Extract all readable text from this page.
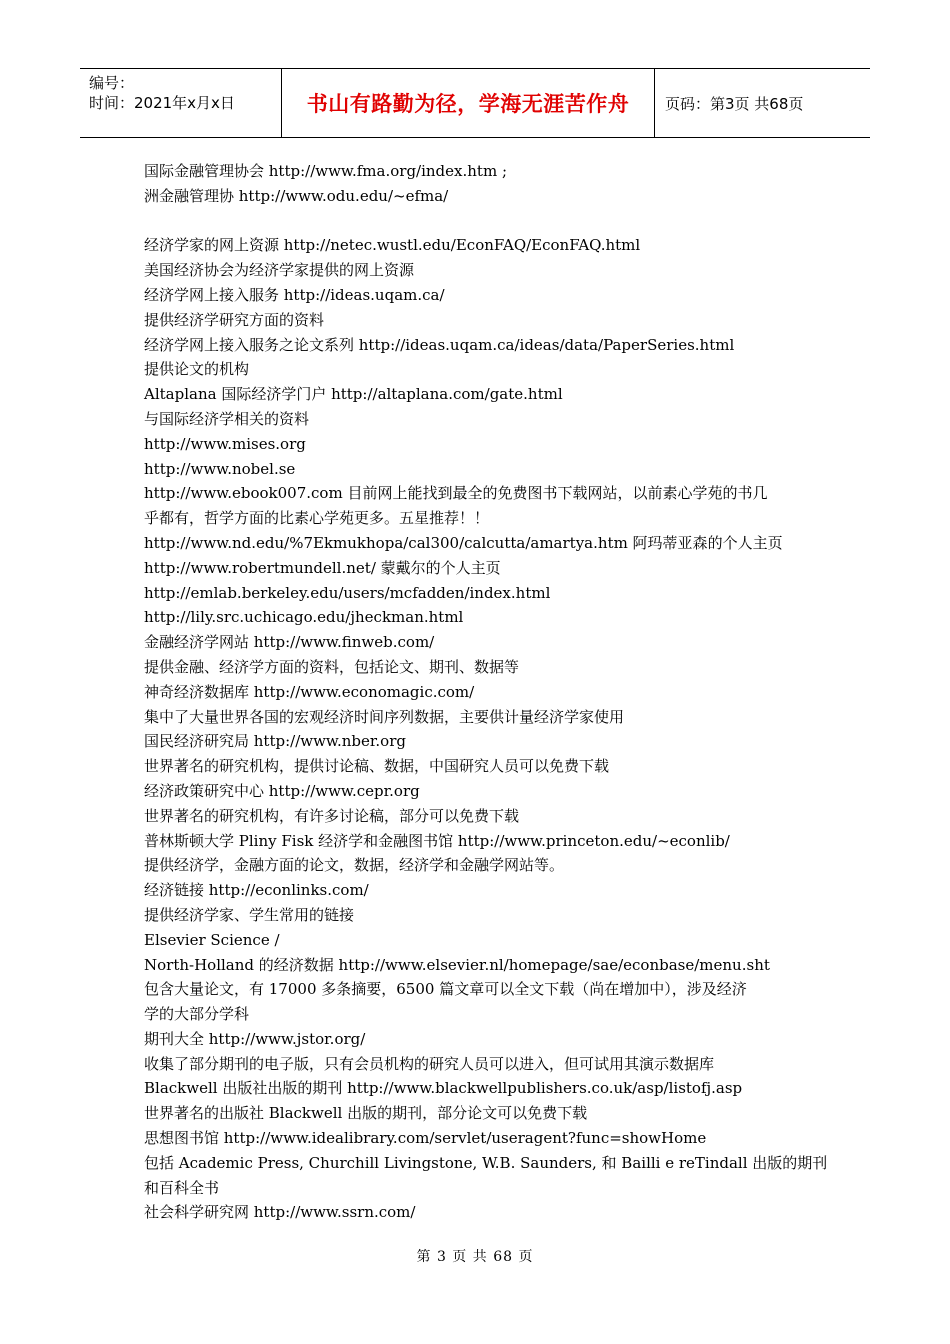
编号：
时间：2021年x月x日	书山有路勤为径，学海无涯苦作舟	页码：第3页 共68页
国际金融管理协会 http://www.fma.org/index.htm ;
洲金融管理协 http://www.odu.edu/~efma/
经济学家的网上资源 http://netec.wustl.edu/EconFAQ/EconFAQ.html
美国经济协会为经济学家提供的网上资源
经济学网上接入服务 http://ideas.uqam.ca/
提供经济学研究方面的资料
经济学网上接入服务之论文系列 http://ideas.uqam.ca/ideas/data/PaperSeries.html
提供论文的机构
Altaplana 国际经济学门户 http://altaplana.com/gate.html
与国际经济学相关的资料
http://www.mises.org
http://www.nobel.se
http://www.ebook007.com 目前网上能找到最全的免费图书下载网站，以前素心学苑的书几
乎都有，哲学方面的比素心学苑更多。五星推荐！！
http://www.nd.edu/%7Ekmukhopa/cal300/calcutta/amartya.htm 阿玛蒂亚森的个人主页
http://www.robertmundell.net/ 蒙戴尔的个人主页
http://emlab.berkeley.edu/users/mcfadden/index.html
http://lily.src.uchicago.edu/jheckman.html
金融经济学网站 http://www.finweb.com/
提供金融、经济学方面的资料，包括论文、期刊、数据等
神奇经济数据库 http://www.economagic.com/
集中了大量世界各国的宏观经济时间序列数据，主要供计量经济学家使用
国民经济研究局 http://www.nber.org
世界著名的研究机构，提供讨论稿、数据，中国研究人员可以免费下载
经济政策研究中心 http://www.cepr.org
世界著名的研究机构，有许多讨论稿，部分可以免费下载
普林斯顿大学 Pliny Fisk 经济学和金融图书馆 http://www.princeton.edu/~econlib/
提供经济学，金融方面的论文，数据，经济学和金融学网站等。
经济链接 http://econlinks.com/
提供经济学家、学生常用的链接
Elsevier Science /
North-Holland 的经济数据 http://www.elsevier.nl/homepage/sae/econbase/menu.sht
包含大量论文，有 17000 多条摘要，6500 篇文章可以全文下载（尚在增加中），涉及经济
学的大部分学科
期刊大全 http://www.jstor.org/
收集了部分期刊的电子版，只有会员机构的研究人员可以进入，但可试用其演示数据库
Blackwell 出版社出版的期刊 http://www.blackwellpublishers.co.uk/asp/listofj.asp
世界著名的出版社 Blackwell 出版的期刊，部分论文可以免费下载
思想图书馆 http://www.idealibrary.com/servlet/useragent?func=showHome
包括 Academic Press, Churchill Livingstone, W.B. Saunders, 和 Bailli e reTindall 出版的期刊
和百科全书
社会科学研究网 http://www.ssrn.com/
第 3 页 共 68 页
